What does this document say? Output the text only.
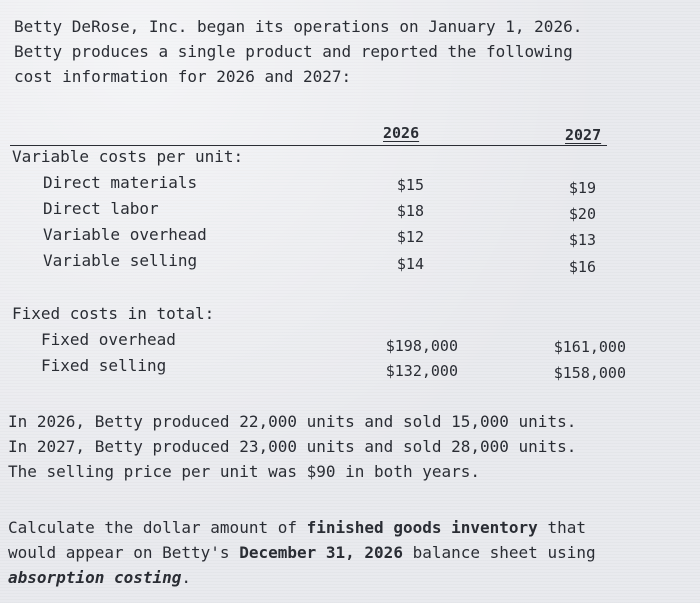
Betty DeRose, Inc. began its operations on January 1, 2026.
Betty produces a single product and reported the following
cost information for 2026 and 2027:
2026	2027
Variable costs per unit:
Direct materials	$15	$19
Direct labor	$18	$20
Variable overhead	$12	$13
Variable selling	$14	$16
Fixed costs in total:
Fixed overhead	$198,000	$161,000
Fixed selling	$132,000	$158,000
In 2026, Betty produced 22,000 units and sold 15,000 units.
In 2027, Betty produced 23,000 units and sold 28,000 units.
The selling price per unit was $90 in both years.
Calculate the dollar amount of finished goods inventory that
would appear on Betty's December 31, 2026 balance sheet using
absorption costing.
